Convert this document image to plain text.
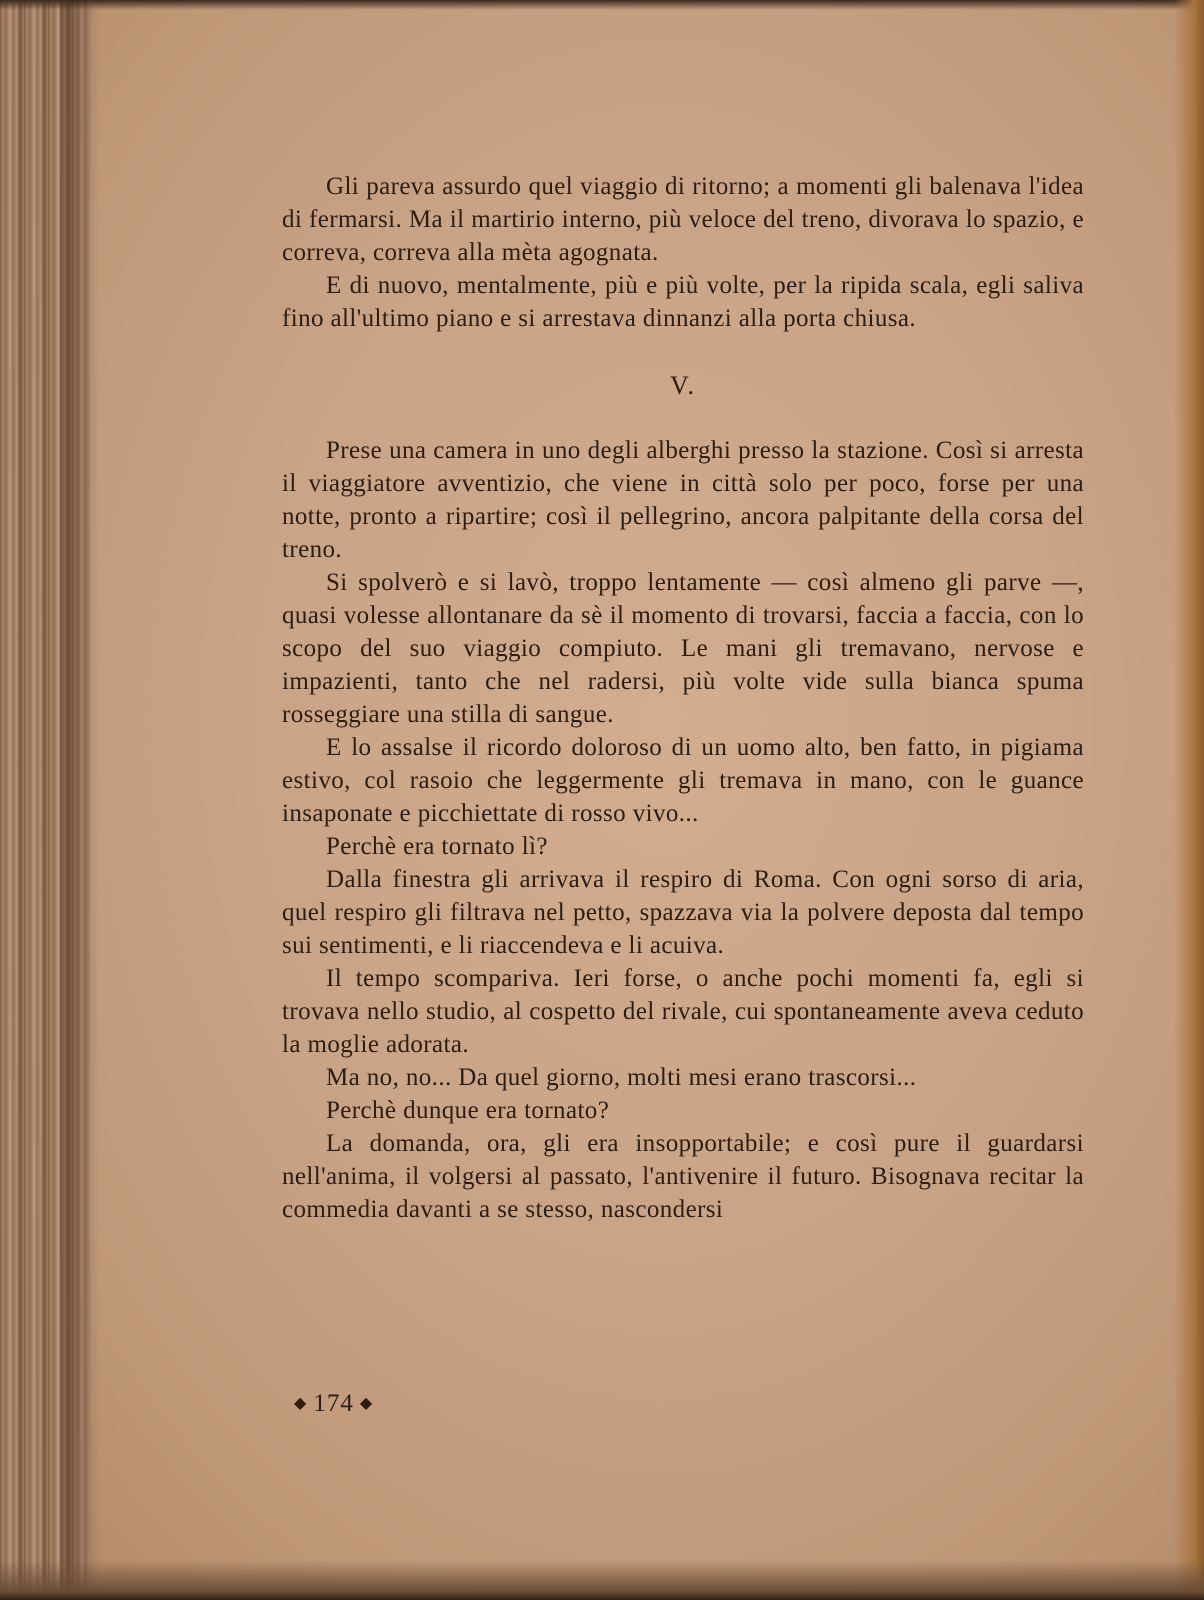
Gli pareva assurdo quel viaggio di ritorno; a momenti gli balenava l'idea di fermarsi. Ma il martirio interno, più veloce del treno, divorava lo spazio, e correva, correva alla mèta agognata.

E di nuovo, mentalmente, più e più volte, per la ripida scala, egli saliva fino all'ultimo piano e si arrestava dinnanzi alla porta chiusa.

V.

Prese una camera in uno degli alberghi presso la stazione. Così si arresta il viaggiatore avventizio, che viene in città solo per poco, forse per una notte, pronto a ripartire; così il pellegrino, ancora palpitante della corsa del treno.

Si spolverò e si lavò, troppo lentamente — così almeno gli parve —, quasi volesse allontanare da sè il momento di trovarsi, faccia a faccia, con lo scopo del suo viaggio compiuto. Le mani gli tremavano, nervose e impazienti, tanto che nel radersi, più volte vide sulla bianca spuma rosseggiare una stilla di sangue.

E lo assalse il ricordo doloroso di un uomo alto, ben fatto, in pigiama estivo, col rasoio che leggermente gli tremava in mano, con le guance insaponate e picchiettate di rosso vivo...

Perchè era tornato lì?

Dalla finestra gli arrivava il respiro di Roma. Con ogni sorso di aria, quel respiro gli filtrava nel petto, spazzava via la polvere deposta dal tempo sui sentimenti, e li riaccendeva e li acuiva.

Il tempo scompariva. Ieri forse, o anche pochi momenti fa, egli si trovava nello studio, al cospetto del rivale, cui spontaneamente aveva ceduto la moglie adorata.

Ma no, no... Da quel giorno, molti mesi erano trascorsi...

Perchè dunque era tornato?

La domanda, ora, gli era insopportabile; e così pure il guardarsi nell'anima, il volgersi al passato, l'antivenire il futuro. Bisognava recitar la commedia davanti a se stesso, nascondersi

◆ 174 ◆
